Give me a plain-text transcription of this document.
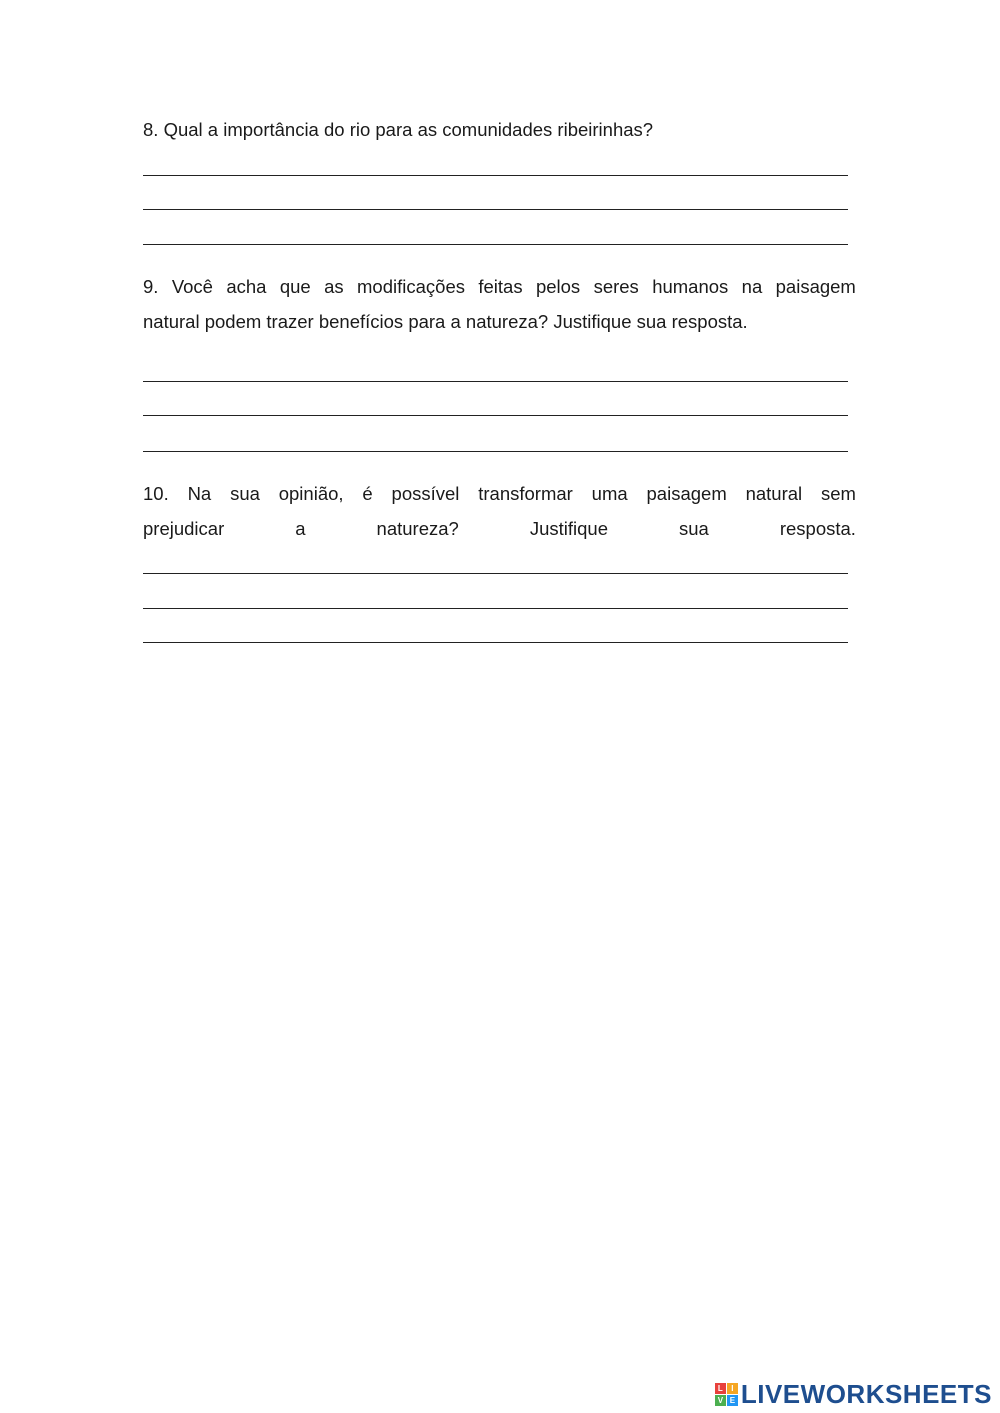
8. Qual a importância do rio para as comunidades ribeirinhas?
9. Você acha que as modificações feitas pelos seres humanos na paisagem
natural podem trazer benefícios para a natureza? Justifique sua resposta.
10. Na sua opinião, é possível transformar uma paisagem natural sem
prejudicar	a	natureza?	Justifique	sua	resposta.
L	I
V E LIVEWORKSHEETS
